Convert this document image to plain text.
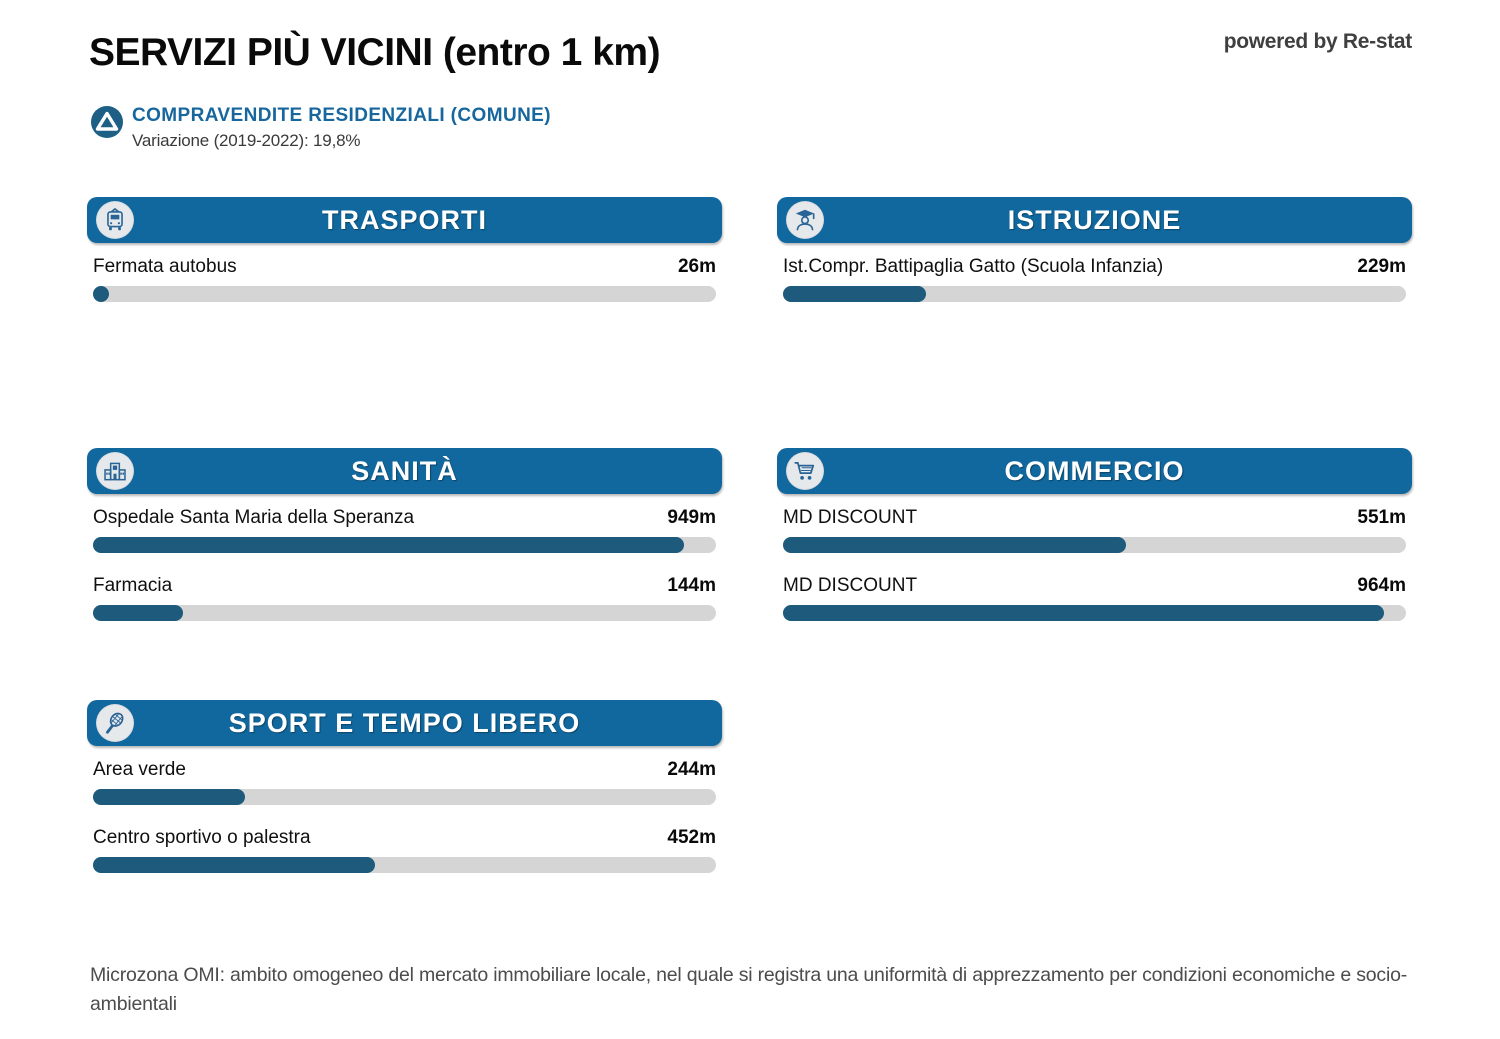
SERVIZI PIÙ VICINI (entro 1 km)	powered by Re-stat
COMPRAVENDITE RESIDENZIALI (COMUNE)
Variazione (2019-2022): 19,8%
TRASPORTI
Fermata autobus	26m
ISTRUZIONE
Ist.Compr. Battipaglia Gatto (Scuola Infanzia)	229m
SANITÀ
Ospedale Santa Maria della Speranza	949m
Farmacia	144m
COMMERCIO
MD DISCOUNT	551m
MD DISCOUNT	964m
SPORT E TEMPO LIBERO
Area verde	244m
Centro sportivo o palestra	452m
Microzona OMI: ambito omogeneo del mercato immobiliare locale, nel quale si registra una uniformità di apprezzamento per condizioni economiche e socio-ambientali
